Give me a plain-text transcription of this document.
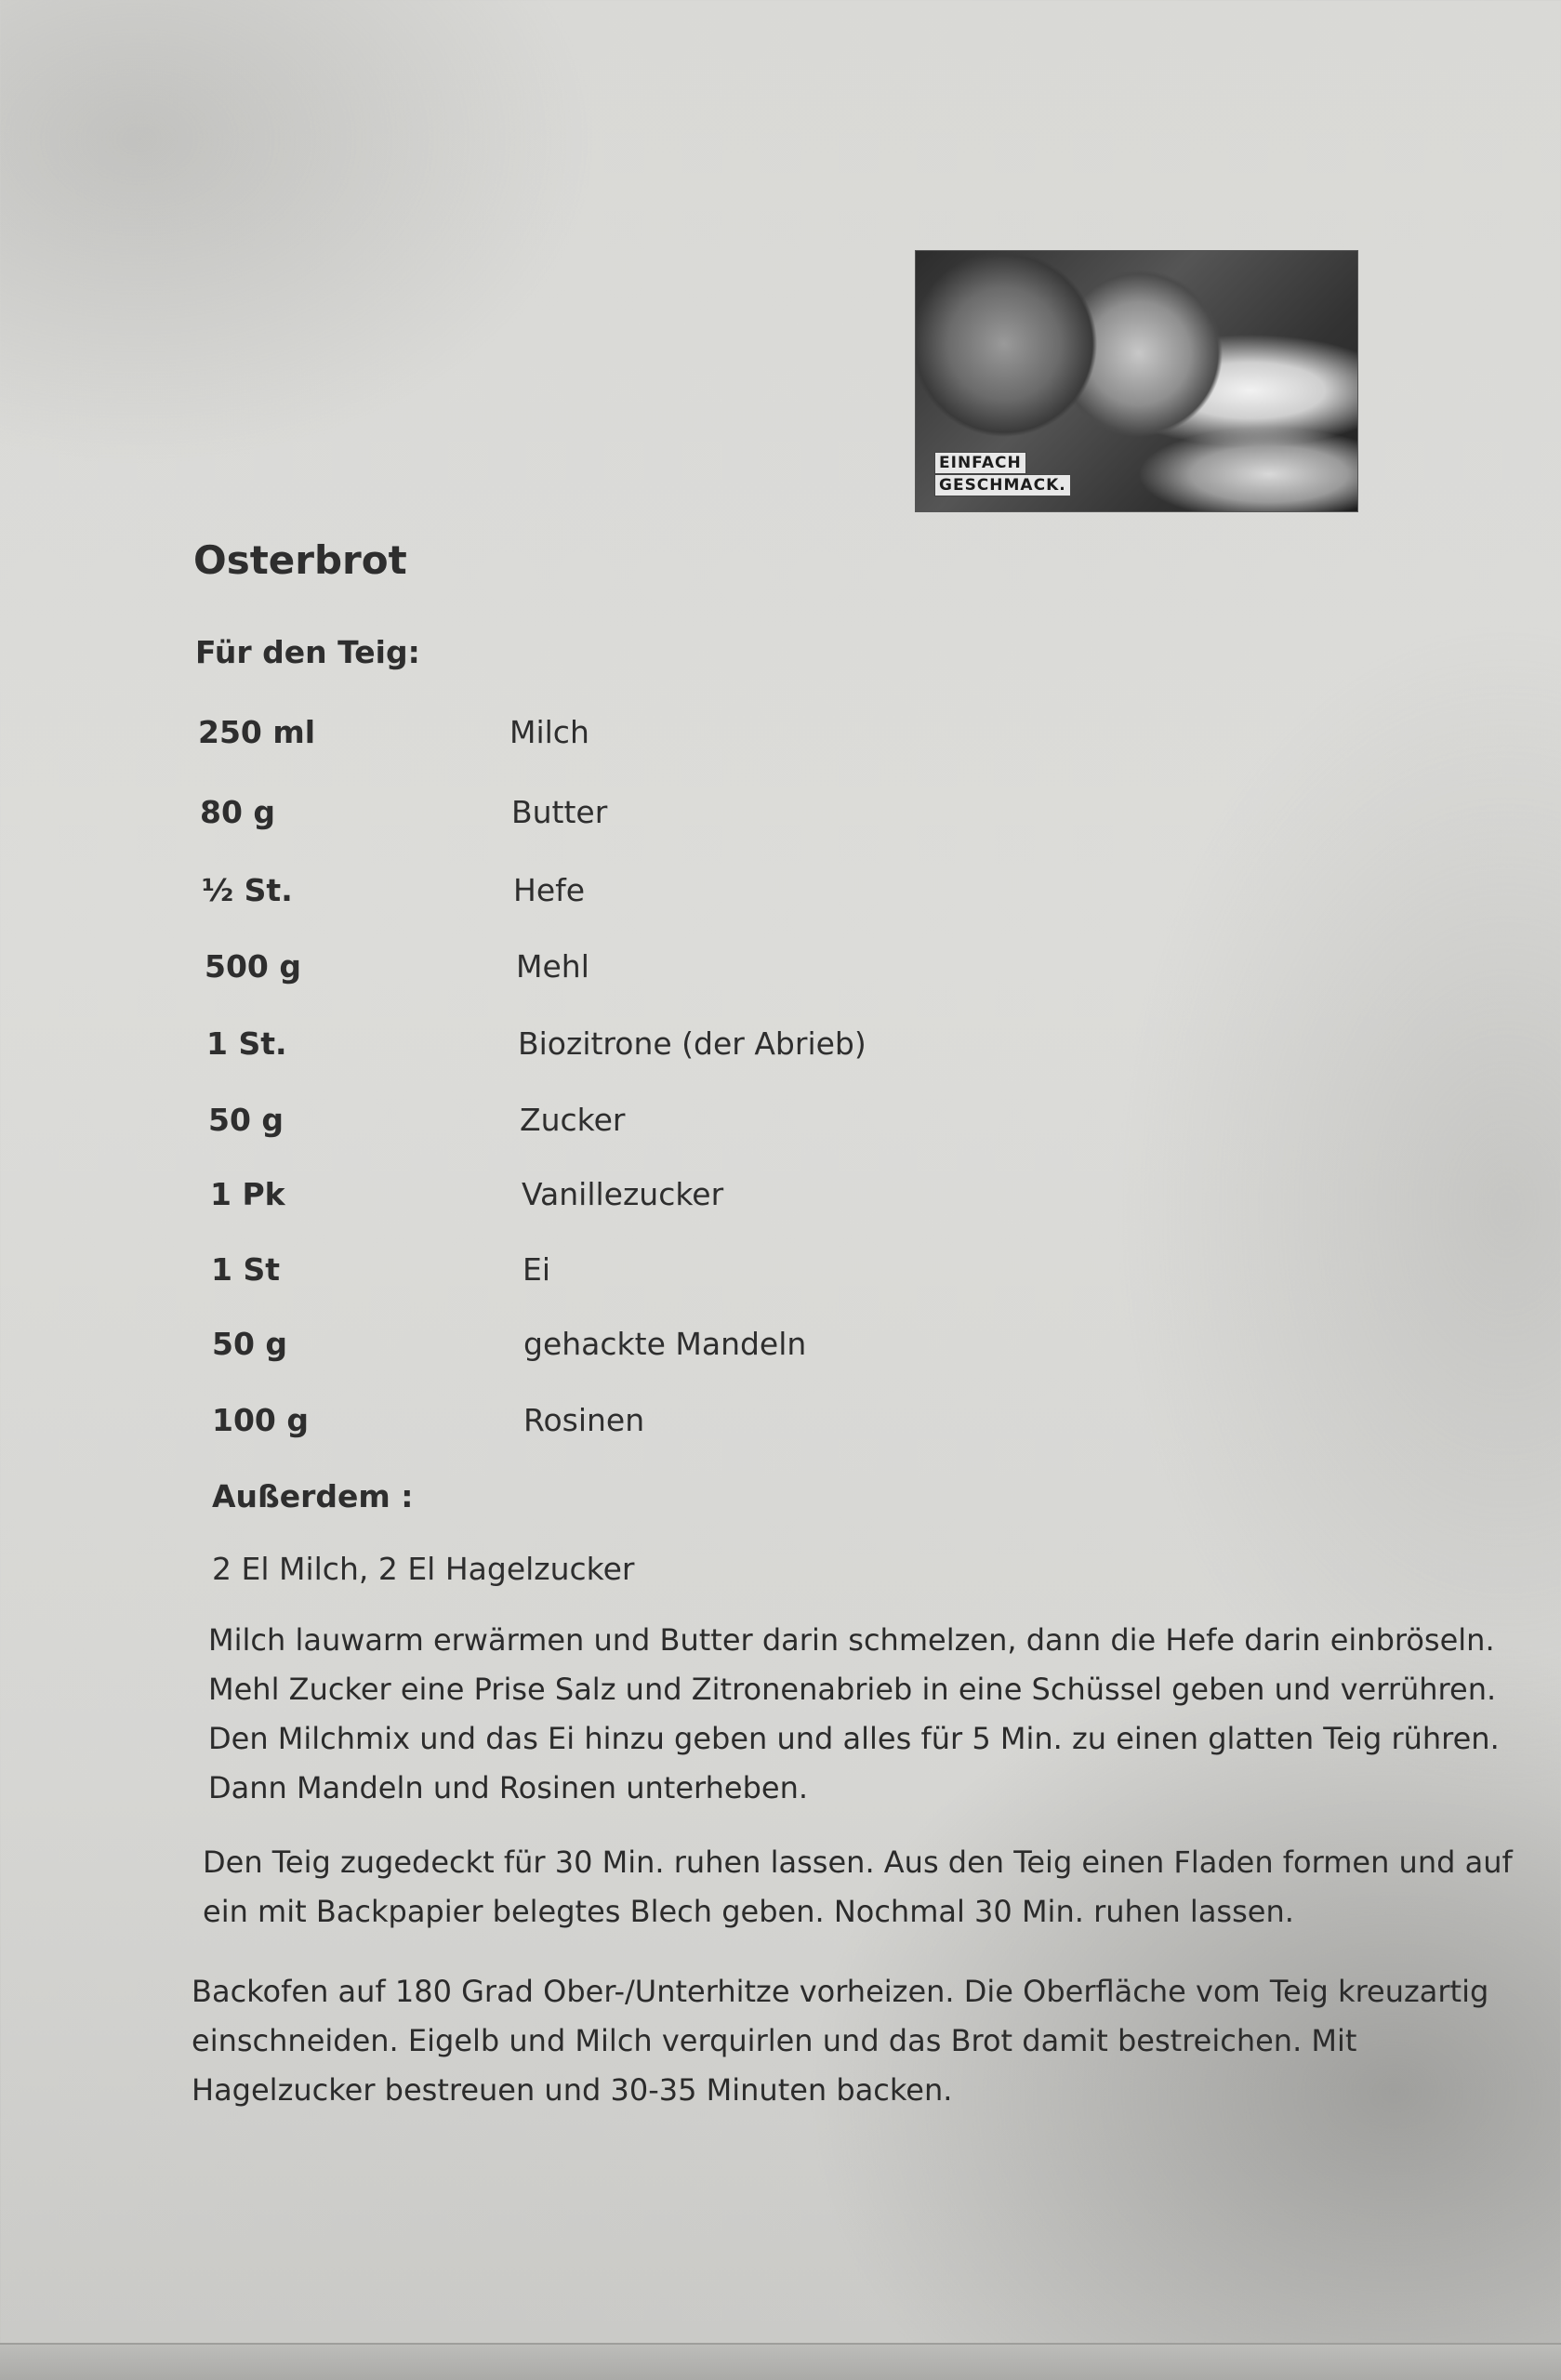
EINFACH
GESCHMACK.
Osterbrot
Für den Teig:
250 ml	Milch
80 g	Butter
½ St.	Hefe
500 g	Mehl
1 St.	Biozitrone (der Abrieb)
50 g	Zucker
1 Pk	Vanillezucker
1 St	Ei
50 g	gehackte Mandeln
100 g	Rosinen
Außerdem :
2 El Milch, 2 El Hagelzucker
Milch lauwarm erwärmen und Butter darin schmelzen, dann die Hefe darin einbröseln. Mehl Zucker eine Prise Salz und Zitronenabrieb in eine Schüssel geben und verrühren. Den Milchmix und das Ei hinzu geben und alles für 5 Min. zu einen glatten Teig rühren. Dann Mandeln und Rosinen unterheben.
Den Teig zugedeckt für 30 Min. ruhen lassen. Aus den Teig einen Fladen formen und auf ein mit Backpapier belegtes Blech geben. Nochmal 30 Min. ruhen lassen.
Backofen auf 180 Grad Ober-/Unterhitze vorheizen. Die Oberfläche vom Teig kreuzartig einschneiden. Eigelb und Milch verquirlen und das Brot damit bestreichen. Mit Hagelzucker bestreuen und 30-35 Minuten backen.
